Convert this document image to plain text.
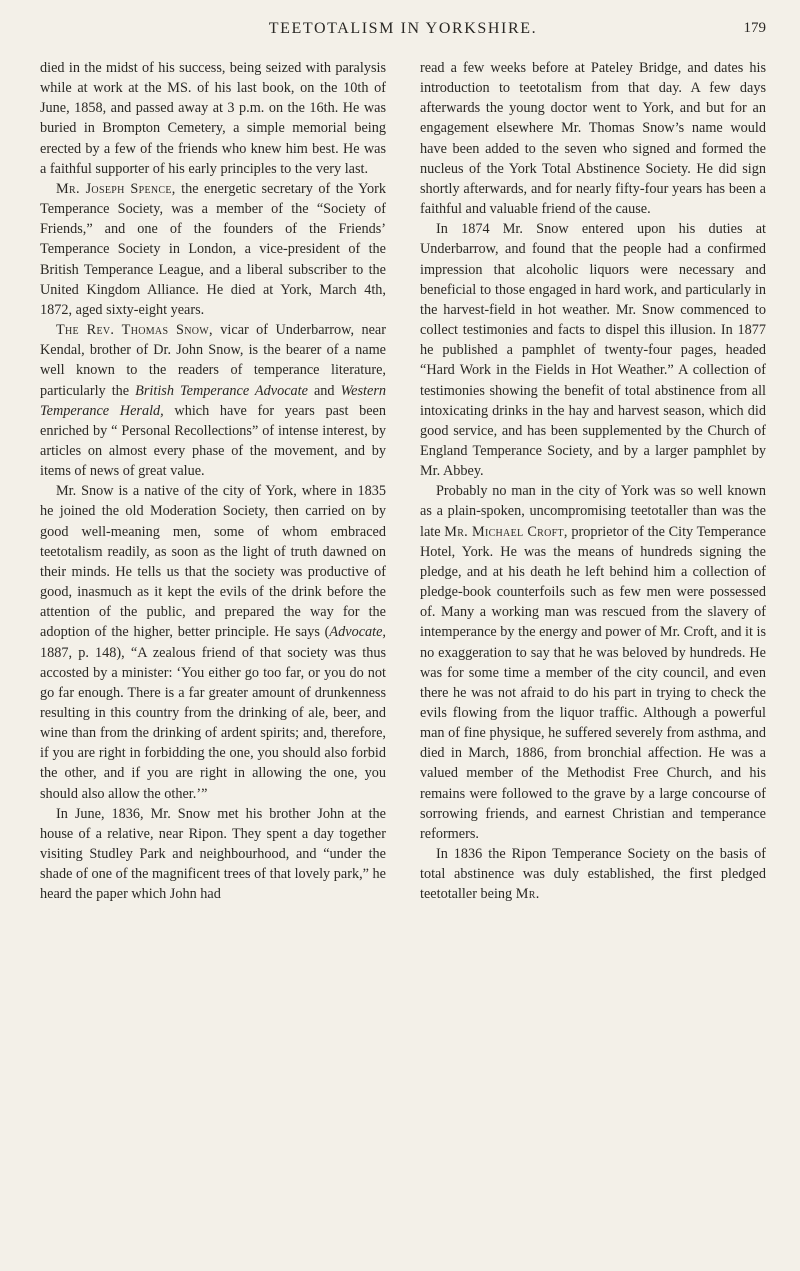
TEETOTALISM IN YORKSHIRE.	179

died in the midst of his success, being seized with paralysis while at work at the MS. of his last book, on the 10th of June, 1858, and passed away at 3 p.m. on the 16th. He was buried in Brompton Cemetery, a simple memorial being erected by a few of the friends who knew him best. He was a faithful supporter of his early principles to the very last.

Mr. Joseph Spence, the energetic secretary of the York Temperance Society, was a member of the “Society of Friends,” and one of the founders of the Friends’ Temperance Society in London, a vice-president of the British Temperance League, and a liberal subscriber to the United Kingdom Alliance. He died at York, March 4th, 1872, aged sixty-eight years.

The Rev. Thomas Snow, vicar of Underbarrow, near Kendal, brother of Dr. John Snow, is the bearer of a name well known to the readers of temperance literature, particularly the British Temperance Advocate and Western Temperance Herald, which have for years past been enriched by “ Personal Recollections” of intense interest, by articles on almost every phase of the movement, and by items of news of great value.

Mr. Snow is a native of the city of York, where in 1835 he joined the old Moderation Society, then carried on by good well-meaning men, some of whom embraced teetotalism readily, as soon as the light of truth dawned on their minds. He tells us that the society was productive of good, inasmuch as it kept the evils of the drink before the attention of the public, and prepared the way for the adoption of the higher, better principle. He says (Advocate, 1887, p. 148), “A zealous friend of that society was thus accosted by a minister: ‘You either go too far, or you do not go far enough. There is a far greater amount of drunkenness resulting in this country from the drinking of ale, beer, and wine than from the drinking of ardent spirits; and, therefore, if you are right in forbidding the one, you should also forbid the other, and if you are right in allowing the one, you should also allow the other.’”

In June, 1836, Mr. Snow met his brother John at the house of a relative, near Ripon. They spent a day together visiting Studley Park and neighbourhood, and “under the shade of one of the magnificent trees of that lovely park,” he heard the paper which John had

read a few weeks before at Pateley Bridge, and dates his introduction to teetotalism from that day. A few days afterwards the young doctor went to York, and but for an engagement elsewhere Mr. Thomas Snow’s name would have been added to the seven who signed and formed the nucleus of the York Total Abstinence Society. He did sign shortly afterwards, and for nearly fifty-four years has been a faithful and valuable friend of the cause.

In 1874 Mr. Snow entered upon his duties at Underbarrow, and found that the people had a confirmed impression that alcoholic liquors were necessary and beneficial to those engaged in hard work, and particularly in the harvest-field in hot weather. Mr. Snow commenced to collect testimonies and facts to dispel this illusion. In 1877 he published a pamphlet of twenty-four pages, headed “Hard Work in the Fields in Hot Weather.” A collection of testimonies showing the benefit of total abstinence from all intoxicating drinks in the hay and harvest season, which did good service, and has been supplemented by the Church of England Temperance Society, and by a larger pamphlet by Mr. Abbey.

Probably no man in the city of York was so well known as a plain-spoken, uncompromising teetotaller than was the late Mr. Michael Croft, proprietor of the City Temperance Hotel, York. He was the means of hundreds signing the pledge, and at his death he left behind him a collection of pledge-book counterfoils such as few men were possessed of. Many a working man was rescued from the slavery of intemperance by the energy and power of Mr. Croft, and it is no exaggeration to say that he was beloved by hundreds. He was for some time a member of the city council, and even there he was not afraid to do his part in trying to check the evils flowing from the liquor traffic. Although a powerful man of fine physique, he suffered severely from asthma, and died in March, 1886, from bronchial affection. He was a valued member of the Methodist Free Church, and his remains were followed to the grave by a large concourse of sorrowing friends, and earnest Christian and temperance reformers.

In 1836 the Ripon Temperance Society on the basis of total abstinence was duly established, the first pledged teetotaller being Mr.
